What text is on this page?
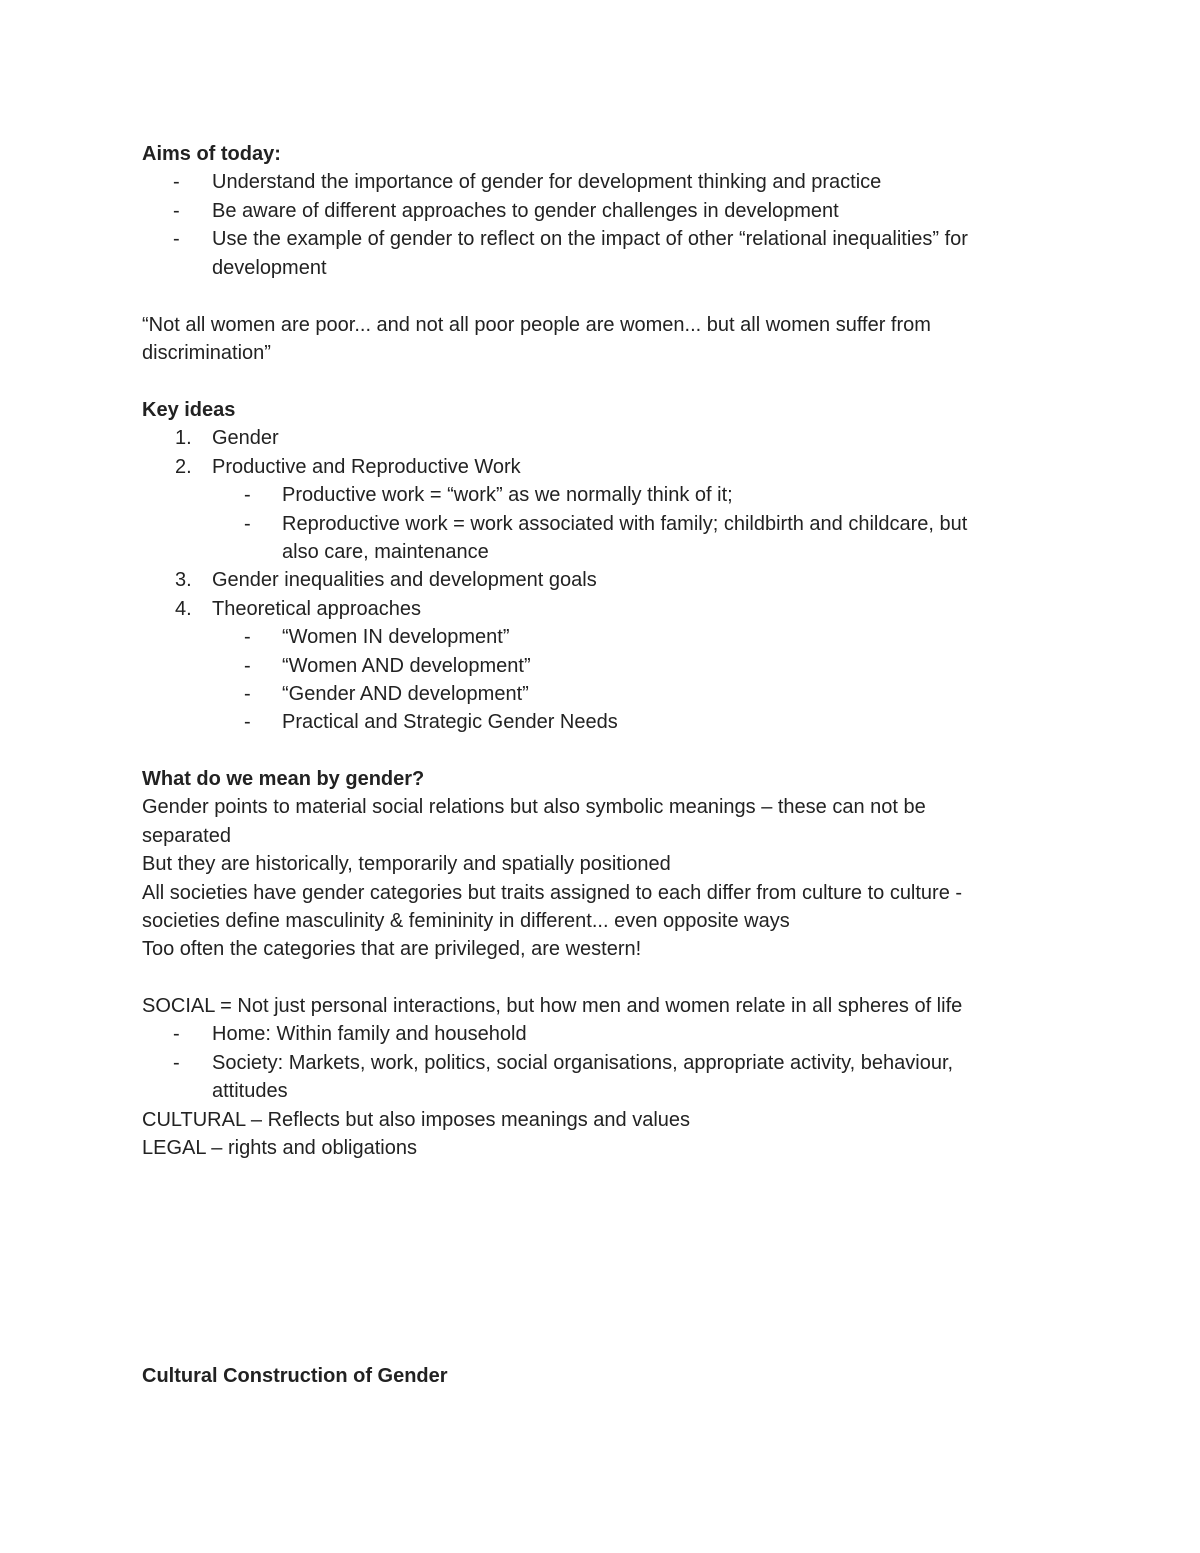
Aims of today:
- Understand the importance of gender for development thinking and practice
- Be aware of different approaches to gender challenges in development
- Use the example of gender to reflect on the impact of other “relational inequalities” for
development
“Not all women are poor... and not all poor people are women... but all women suffer from
discrimination”
Key ideas
1. Gender
2. Productive and Reproductive Work
- Productive work = “work” as we normally think of it;
- Reproductive work = work associated with family; childbirth and childcare, but
also care, maintenance
3. Gender inequalities and development goals
4. Theoretical approaches
- “Women IN development”
- “Women AND development”
- “Gender AND development”
- Practical and Strategic Gender Needs
What do we mean by gender?
Gender points to material social relations but also symbolic meanings – these can not be
separated
But they are historically, temporarily and spatially positioned
All societies have gender categories but traits assigned to each differ from culture to culture -
societies define masculinity & femininity in different... even opposite ways
Too often the categories that are privileged, are western!
SOCIAL = Not just personal interactions, but how men and women relate in all spheres of life
- Home: Within family and household
- Society: Markets, work, politics, social organisations, appropriate activity, behaviour,
attitudes
CULTURAL – Reflects but also imposes meanings and values
LEGAL – rights and obligations
Cultural Construction of Gender
